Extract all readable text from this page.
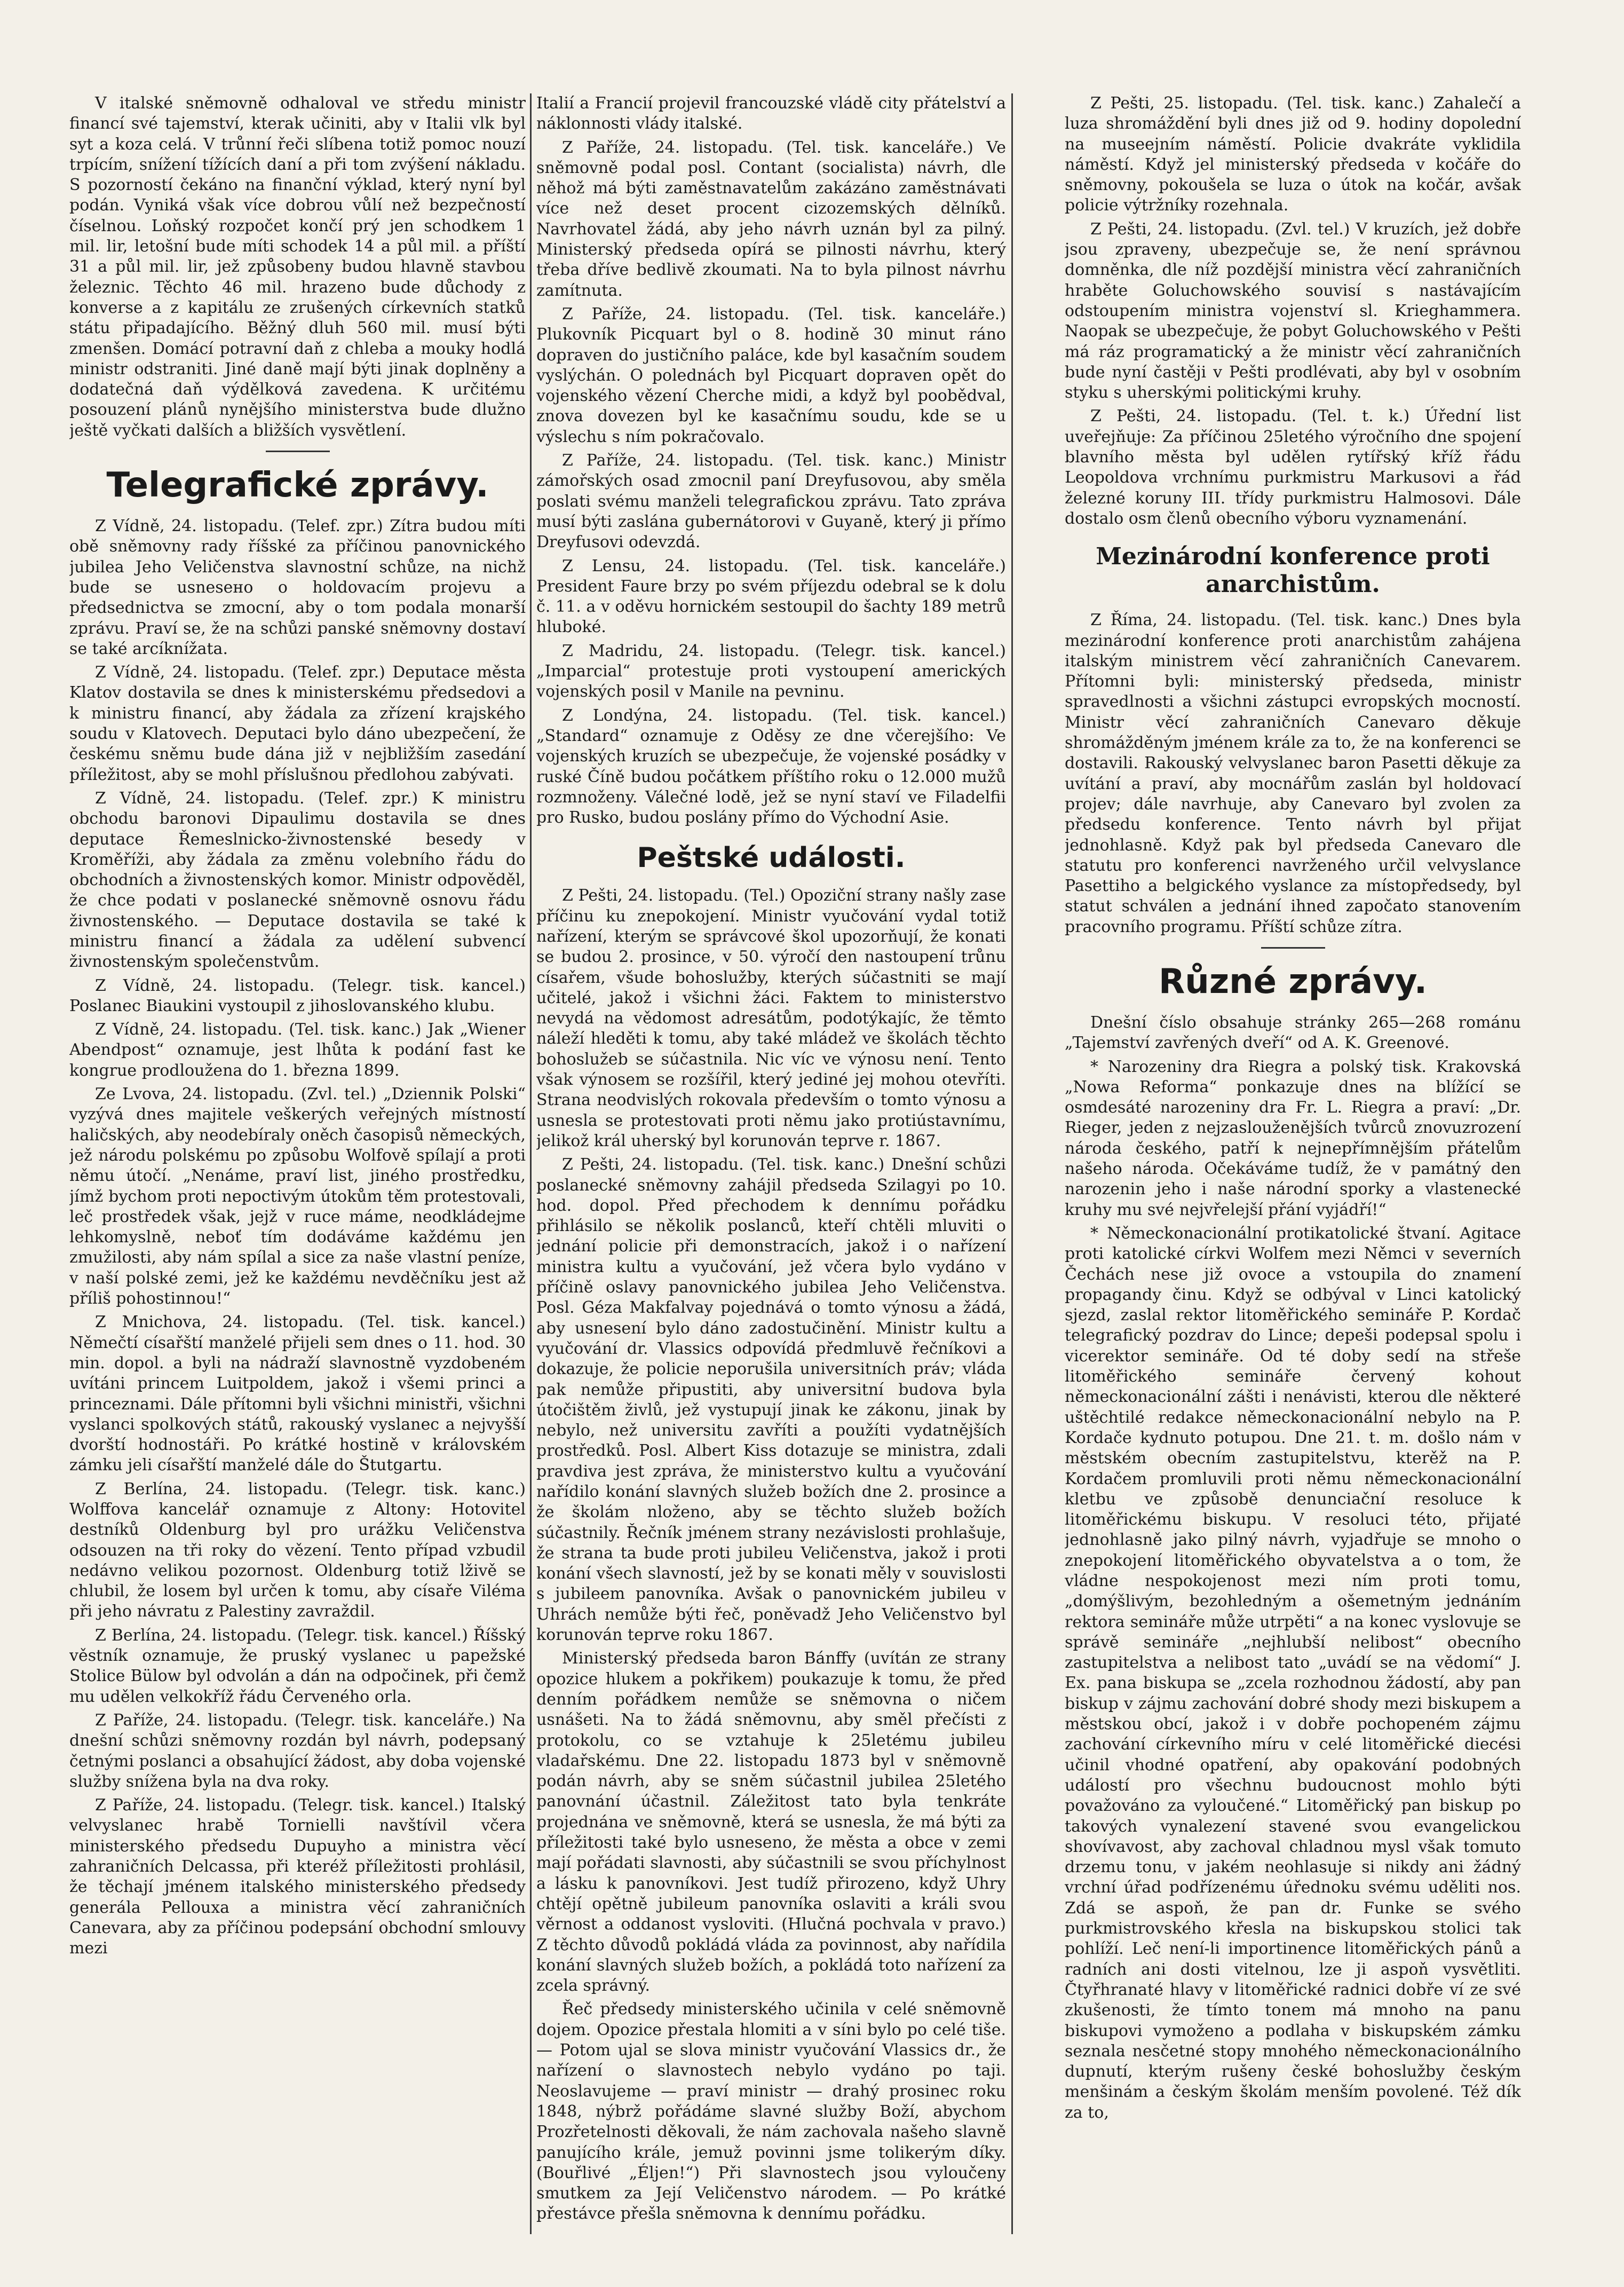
V italské sněmovně odhaloval ve středu ministr financí své tajemství, kterak učiniti, aby v Italii vlk byl syt a koza celá. V trůnní řeči slíbena totiž pomoc nouzí trpícím, snížení tížících daní a při tom zvýšení nákladu. S pozorností čekáno na finanční výklad, který nyní byl podán. Vyniká však více dobrou vůlí než bezpečností číselnou. Loňský rozpočet končí prý jen schodkem 1 mil. lir, letošní bude míti schodek 14 a půl mil. a příští 31 a půl mil. lir, jež způsobeny budou hlavně stavbou železnic. Těchto 46 mil. hrazeno bude důchody z konverse a z kapitálu ze zrušených církevních statků státu připadajícího. Běžný dluh 560 mil. musí býti zmenšen. Domácí potravní daň z chleba a mouky hodlá ministr odstraniti. Jiné daně mají býti jinak doplněny a dodatečná daň výdělková zavedena. K určitému posouzení plánů nynějšího ministerstva bude dlužno ještě vyčkati dalších a bližších vysvětlení.

Telegrafické zprávy.

Z Vídně, 24. listopadu. (Telef. zpr.) Zítra budou míti obě sněmovny rady říšské za příčinou panovnického jubilea Jeho Veličenstva slavnostní schůze, na nichž bude se usnesено o holdovacím projevu a předsednictva se zmocní, aby o tom podala monarší zprávu. Praví se, že na schůzi panské sněmovny dostaví se také arcíknížata.

Z Vídně, 24. listopadu. (Telef. zpr.) Deputace města Klatov dostavila se dnes k ministerskému předsedovi a k ministru financí, aby žádala za zřízení krajského soudu v Klatovech. Deputaci bylo dáno ubezpečení, že českému sněmu bude dána již v nejbližším zasedání příležitost, aby se mohl příslušnou předlohou zabývati.

Z Vídně, 24. listopadu. (Telef. zpr.) K ministru obchodu baronovi Dipaulimu dostavila se dnes deputace Řemeslnicko-živnostenské besedy v Kroměříži, aby žádala za změnu volebního řádu do obchodních a živnostenských komor. Ministr odpověděl, že chce podati v poslanecké sněmovně osnovu řádu živnostenského. — Deputace dostavila se také k ministru financí a žádala za udělení subvencí živnostenským společenstvům.

Z Vídně, 24. listopadu. (Telegr. tisk. kancel.) Poslanec Biaukini vystoupil z jihoslovanského klubu.

Z Vídně, 24. listopadu. (Tel. tisk. kanc.) Jak „Wiener Abendpost“ oznamuje, jest lhůta k podání fast ke kongrue prodloužena do 1. března 1899.

Ze Lvova, 24. listopadu. (Zvl. tel.) „Dziennik Polski“ vyzývá dnes majitele veškerých veřejných místností haličských, aby neodebíraly oněch časopisů německých, jež národu polskému po způsobu Wolfově spílají a proti němu útočí. „Nenáme, praví list, jiného prostředku, jímž bychom proti nepoctivým útokům těm protestovali, leč prostředek však, jejž v ruce máme, neodkládejme lehkomyslně, neboť tím dodáváme každému jen zmužilosti, aby nám spílal a sice za naše vlastní peníze, v naší polské zemi, jež ke každému nevděčníku jest až příliš pohostinnou!“

Z Mnichova, 24. listopadu. (Tel. tisk. kancel.) Němečtí císařští manželé přijeli sem dnes o 11. hod. 30 min. dopol. a byli na nádraží slavnostně vyzdobeném uvítáni princem Luitpoldem, jakož i všemi princi a princeznami. Dále přítomni byli všichni ministři, všichni vyslanci spolkových států, rakouský vyslanec a nejvyšší dvorští hodnostáři. Po krátké hostině v královském zámku jeli císařští manželé dále do Štutgartu.

Z Berlína, 24. listopadu. (Telegr. tisk. kanc.) Wolffova kancelář oznamuje z Altony: Hotovitel destníků Oldenburg byl pro urážku Veličenstva odsouzen na tři roky do vězení. Tento případ vzbudil nedávno velikou pozornost. Oldenburg totiž lživě se chlubil, že losem byl určen k tomu, aby císaře Viléma při jeho návratu z Palestiny zavraždil.

Z Berlína, 24. listopadu. (Telegr. tisk. kancel.) Říšský věstník oznamuje, že pruský vyslanec u papežské Stolice Bülow byl odvolán a dán na odpočinek, při čemž mu udělen velkokříž řádu Červeného orla.

Z Paříže, 24. listopadu. (Telegr. tisk. kanceláře.) Na dnešní schůzi sněmovny rozdán byl návrh, podepsaný četnými poslanci a obsahující žádost, aby doba vojenské služby snížena byla na dva roky.

Z Paříže, 24. listopadu. (Telegr. tisk. kancel.) Italský velvyslanec hrabě Tornielli navštívil včera ministerského předsedu Dupuyho a ministra věcí zahraničních Delcassa, při kteréž příležitosti prohlásil, že těchají jménem italského ministerského předsedy generála Pellouxa a ministra věcí zahraničních Canevara, aby za příčinou podepsání obchodní smlouvy mezi

Italií a Francií projevil francouzské vládě city přátelství a náklonnosti vlády italské.

Z Paříže, 24. listopadu. (Tel. tisk. kanceláře.) Ve sněmovně podal posl. Contant (socialista) návrh, dle něhož má býti zaměstnavatelům zakázáno zaměstnávati více než deset procent cizozemských dělníků. Navrhovatel žádá, aby jeho návrh uznán byl za pilný. Ministerský předseda opírá se pilnosti návrhu, který třeba dříve bedlivě zkoumati. Na to byla pilnost návrhu zamítnuta.

Z Paříže, 24. listopadu. (Tel. tisk. kanceláře.) Plukovník Picquart byl o 8. hodině 30 minut ráno dopraven do justičního paláce, kde byl kasačním soudem vyslýchán. O polednách byl Picquart dopraven opět do vojenského vězení Cherche midi, a když byl poobědval, znova dovezen byl ke kasačnímu soudu, kde se u výslechu s ním pokračovalo.

Z Paříže, 24. listopadu. (Tel. tisk. kanc.) Ministr zámořských osad zmocnil paní Dreyfusovou, aby směla poslati svému manželi telegrafickou zprávu. Tato zpráva musí býti zaslána gubernátorovi v Guyaně, který ji přímo Dreyfusovi odevzdá.

Z Lensu, 24. listopadu. (Tel. tisk. kanceláře.) President Faure brzy po svém příjezdu odebral se k dolu č. 11. a v oděvu hornickém sestoupil do šachty 189 metrů hluboké.

Z Madridu, 24. listopadu. (Telegr. tisk. kancel.) „Imparcial“ protestuje proti vystoupení amerických vojenských posil v Manile na pevninu.

Z Londýna, 24. listopadu. (Tel. tisk. kancel.) „Standard“ oznamuje z Oděsy ze dne včerejšího: Ve vojenských kruzích se ubezpečuje, že vojenské posádky v ruské Číně budou počátkem příštího roku o 12.000 mužů rozmnoženy. Válečné lodě, jež se nyní staví ve Filadelfii pro Rusko, budou poslány přímo do Východní Asie.

Peštské události.

Z Pešti, 24. listopadu. (Tel.) Opoziční strany našly zase příčinu ku znepokojení. Ministr vyučování vydal totiž nařízení, kterým se správcové škol upozorňují, že konati se budou 2. prosince, v 50. výročí den nastoupení trůnu císařem, všude bohoslužby, kterých súčastniti se mají učitelé, jakož i všichni žáci. Faktem to ministerstvo nevydá na vědomost adresátům, podotýkajíc, že těmto náleží hleděti k tomu, aby také mládež ve školách těchto bohoslužeb se súčastnila. Nic víc ve výnosu není. Tento však výnosem se rozšířil, který jediné jej mohou otevříti. Strana neodvislých rokovala především o tomto výnosu a usnesla se protestovati proti němu jako protiústavnímu, jelikož král uherský byl korunován teprve r. 1867.

Z Pešti, 24. listopadu. (Tel. tisk. kanc.) Dnešní schůzi poslanecké sněmovny zahájil předseda Szilagyi po 10. hod. dopol. Před přechodem k dennímu pořádku přihlásilo se několik poslanců, kteří chtěli mluviti o jednání policie při demonstracích, jakož i o nařízení ministra kultu a vyučování, jež včera bylo vydáno v příčině oslavy panovnického jubilea Jeho Veličenstva. Posl. Géza Makfalvay pojednává o tomto výnosu a žádá, aby usnesení bylo dáno zadostučinění. Ministr kultu a vyučování dr. Vlassics odpovídá předmluvě řečníkovi a dokazuje, že policie neporušila universitních práv; vláda pak nemůže připustiti, aby universitní budova byla útočištěm živlů, jež vystupují jinak ke zákonu, jinak by nebylo, než universitu zavříti a použíti vydatnějších prostředků. Posl. Albert Kiss dotazuje se ministra, zdali pravdivа jest zpráva, že ministerstvo kultu a vyučování nařídilo konání slavných služeb božích dne 2. prosince a že školám nloženo, aby se těchto služeb božích súčastnily. Řečník jménem strany nezávislosti prohlašuje, že strana ta bude proti jubileu Veličenstva, jakož i proti konání všech slavností, jež by se konati měly v souvislosti s jubileem panovníka. Avšak o panovnickém jubileu v Uhrách nemůže býti řeč, poněvadž Jeho Veličenstvo byl korunován teprve roku 1867.

Ministerský předseda baron Bánffy (uvítán ze strany opozice hlukem a pokřikem) poukazuje k tomu, že před denním pořádkem nemůže se sněmovna o ničem usnášeti. Na to žádá sněmovnu, aby směl přečísti z protokolu, co se vztahuje k 25letému jubileu vladařskému. Dne 22. listopadu 1873 byl v sněmovně podán návrh, aby se sněm súčastnil jubilea 25letého panovnání účastnil. Záležitost tato byla tenkráte projednána ve sněmovně, která se usnesla, že má býti za příležitosti také bylo usneseno, že města a obce v zemi mají pořádati slavnosti, aby súčastnili se svou příchylnost a lásku k panovníkovi. Jest tudíž přirozeno, když Uhry chtějí opětně jubileum panovníka oslaviti a králi svou věrnost a oddanost vysloviti. (Hlučná pochvala v pravo.) Z těchto důvodů pokládá vláda za povinnost, aby nařídila konání slavných služeb božích, a pokládá toto nařízení za zcela správný.

Řeč předsedy ministerského učinila v celé sněmovně dojem. Opozice přestala hlomiti a v síni bylo po celé tiše. — Potom ujal se slova ministr vyučování Vlassics dr., že nařízení o slavnostech nebylo vydáno po taji. Neoslavujeme — praví ministr — drahý prosinec roku 1848, nýbrž pořádáme slavné služby Boží, abychom Prozřetelnosti děkovali, že nám zachovala našeho slavně panujícího krále, jemuž povinni jsme tolikerým díky. (Bouřlivé „Éljen!“) Při slavnostech jsou vyloučeny smutkem za Její Veličenstvo národem. — Po krátké přestávce přešla sněmovna k dennímu pořádku.

Z Pešti, 25. listopadu. (Tel. tisk. kanc.) Zahalečí a luza shromáždění byli dnes již od 9. hodiny dopolední na museejním náměstí. Policie dvakráte vyklidila náměstí. Když jel ministerský předseda v kočáře do sněmovny, pokoušela se luza o útok na kočár, avšak policie výtržníky rozehnala.

Z Pešti, 24. listopadu. (Zvl. tel.) V kruzích, jež dobře jsou zpraveny, ubezpečuje se, že není správnou domněnka, dle níž pozdější ministra věcí zahraničních hraběte Goluchowského souvisí s nastávajícím odstoupením ministra vojenství sl. Krieghammera. Naopak se ubezpečuje, že pobyt Goluchowského v Pešti má ráz programatický a že ministr věcí zahraničních bude nyní častěji v Pešti prodlévati, aby byl v osobním styku s uherskými politickými kruhy.

Z Pešti, 24. listopadu. (Tel. t. k.) Úřední list uveřejňuje: Za příčinou 25letého výročního dne spojení blavního města byl udělen rytířský kříž řádu Leopoldova vrchnímu purkmistru Markusovi a řád železné koruny III. třídy purkmistru Halmosovi. Dále dostalo osm členů obecního výboru vyznamenání.

Mezinárodní konference proti anarchistům.

Z Říma, 24. listopadu. (Tel. tisk. kanc.) Dnes byla mezinárodní konference proti anarchistům zahájena italským ministrem věcí zahraničních Canevarem. Přítomni byli: ministerský předseda, ministr spravedlnosti a všichni zástupci evropských mocností. Ministr věcí zahraničních Canevaro děkuje shromážděným jménem krále za to, že na konferenci se dostavili. Rakouský velvyslanec baron Pasetti děkuje za uvítání a praví, aby mocnářům zaslán byl holdovací projev; dále navrhuje, aby Canevaro byl zvolen za předsedu konference. Tento návrh byl přijat jednohlasně. Když pak byl předseda Canevaro dle statutu pro konferenci navrženého určil velvyslance Pasettiho a belgického vyslance za místopředsedy, byl statut schválen a jednání ihned započato stanovením pracovního programu. Příští schůze zítra.

Různé zprávy.

Dnešní číslo obsahuje stránky 265—268 románu „Tajemství zavřených dveří“ od A. K. Greenové.

* Narozeniny dra Riegra a polský tisk. Krakovská „Nowa Reforma“ ponkazuje dnes na blížící se osmdesáté narozeniny dra Fr. L. Riegra a praví: „Dr. Rieger, jeden z nejzaslouženějších tvůrců znovuzrození národa českého, patří k nejnepřímnějším přátelům našeho národa. Očekáváme tudíž, že v památný den narozenin jeho i naše národní sporky a vlastenecké kruhy mu své nejvřelejší přání vyjádří!“

* Německonacionální protikatolické štvaní. Agitace proti katolické církvi Wolfem mezi Němci v severních Čechách nese již ovoce a vstoupila do znamení propagandy činu. Když se odbýval v Linci katolický sjezd, zaslal rektor litoměřického semináře P. Kordač telegrafický pozdrav do Lince; depeši podepsal spolu i vicerektor semináře. Od té doby sedí na střeše litoměřického semináře červený kohout německonacionální zášti i nenávisti, kterou dle některé uštěchtilé redakce německonacionální nebylo na P. Kordače kydnuto potupou. Dne 21. t. m. došlo nám v městském obecním zastupitelstvu, kterěž na P. Kordačem promluvili proti němu německonacionální kletbu ve způsobě denunciační resoluce k litoměřickému biskupu. V resoluci této, přijaté jednohlasně jako pilný návrh, vyjadřuje se mnoho o znepokojení litoměřického obyvatelstva a o tom, že vládne nespokojenost mezi ním proti tomu, „domýšlivým, bezohledným a ošemetným jednáním rektora semináře může utrpěti“ a na konec vyslovuje se správě semináře „nejhlubší nelibost“ obecního zastupitelstva a nelibost tato „uvádí se na vědomí“ J. Ex. pana biskupa se „zcela rozhodnou žádostí, aby pan biskup v zájmu zachování dobré shody mezi biskupem a městskou obcí, jakož i v dobře pochopeném zájmu zachování církevního míru v celé litoměřické diecési učinil vhodné opatření, aby opakování podobných událostí pro všechnu budoucnost mohlo býti považováno za vyloučené.“ Litoměřický pan biskup po takových vynalezení stavené svou evangelickou shovívavost, aby zachoval chladnou mysl však tomuto drzemu tonu, v jakém neohlasuje si nikdy ani žádný vrchní úřad podřízenému úřednoku svému uděliti nos. Zdá se aspoň, že pan dr. Funke se svého purkmistrovského křesla na biskupskou stolici tak pohlíží. Leč není-li importinence litoměřických pánů a radních ani dosti vitelnou, lze ji aspoň vysvětliti. Čtyřhranaté hlavy v litoměřické radnici dobře ví ze své zkušenosti, že tímto tonem má mnoho na panu biskupovi vymoženo a podlaha v biskupském zámku seznala nesčetné stopy mnohého německonacionálního dupnutí, kterým rušeny české bohoslužby českým menšinám a českým školám menším povolené. Též dík za to,
